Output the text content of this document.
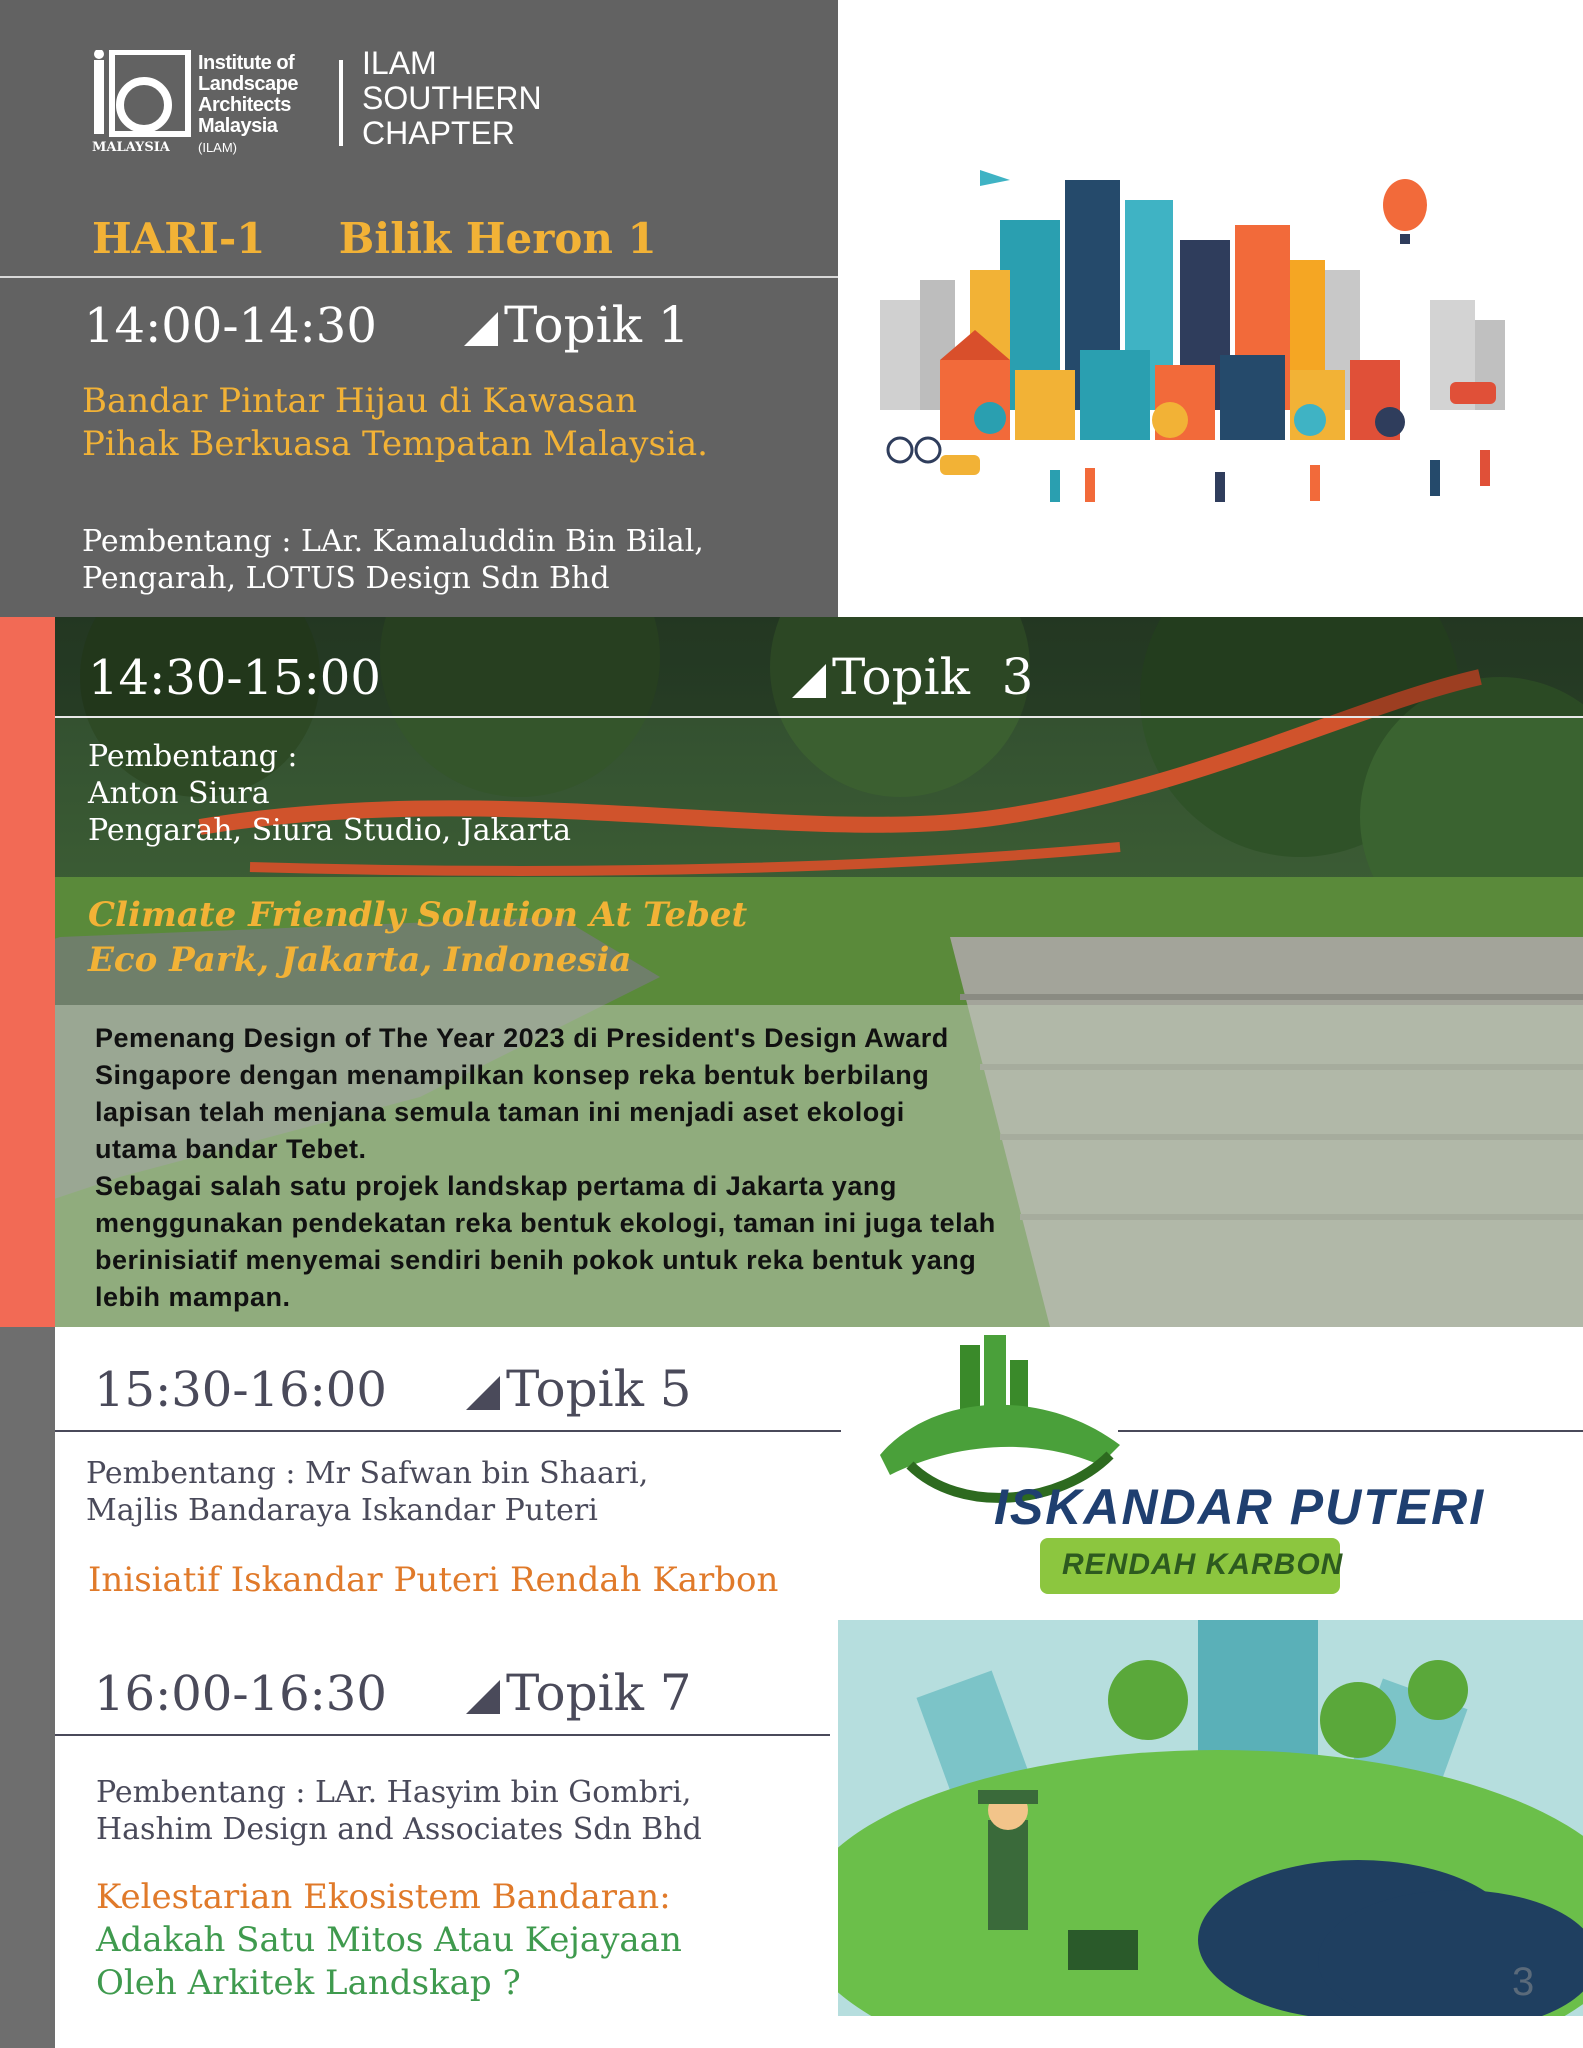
MALAYSIA (ILAM)
Institute of
Landscape
Architects
Malaysia
ILAM
SOUTHERN
CHAPTER
HARI-1 Bilik Heron 1
14:00-14:30	Topik 1
Bandar Pintar Hijau di Kawasan
Pihak Berkuasa Tempatan Malaysia.
Pembentang : LAr. Kamaluddin Bin Bilal,
Pengarah, LOTUS Design Sdn Bhd
14:30-15:00	Topik  3
Pembentang :
Anton Siura
Pengarah, Siura Studio, Jakarta
Climate Friendly Solution At Tebet
Eco Park, Jakarta, Indonesia
Pemenang Design of The Year 2023 di President's Design Award
Singapore dengan menampilkan konsep reka bentuk berbilang
lapisan telah menjana semula taman ini menjadi aset ekologi
utama bandar Tebet.
Sebagai salah satu projek landskap pertama di Jakarta yang
menggunakan pendekatan reka bentuk ekologi, taman ini juga telah
berinisiatif menyemai sendiri benih pokok untuk reka bentuk yang
lebih mampan.
15:30-16:00	Topik 5
Pembentang : Mr Safwan bin Shaari,
Majlis Bandaraya Iskandar Puteri
Inisiatif Iskandar Puteri Rendah Karbon
16:00-16:30	Topik 7
Pembentang : LAr. Hasyim bin Gombri,
Hashim Design and Associates Sdn Bhd
Kelestarian Ekosistem Bandaran:
Adakah Satu Mitos Atau Kejayaan
Oleh Arkitek Landskap ?
ISKANDAR PUTERI
RENDAH KARBON
3
